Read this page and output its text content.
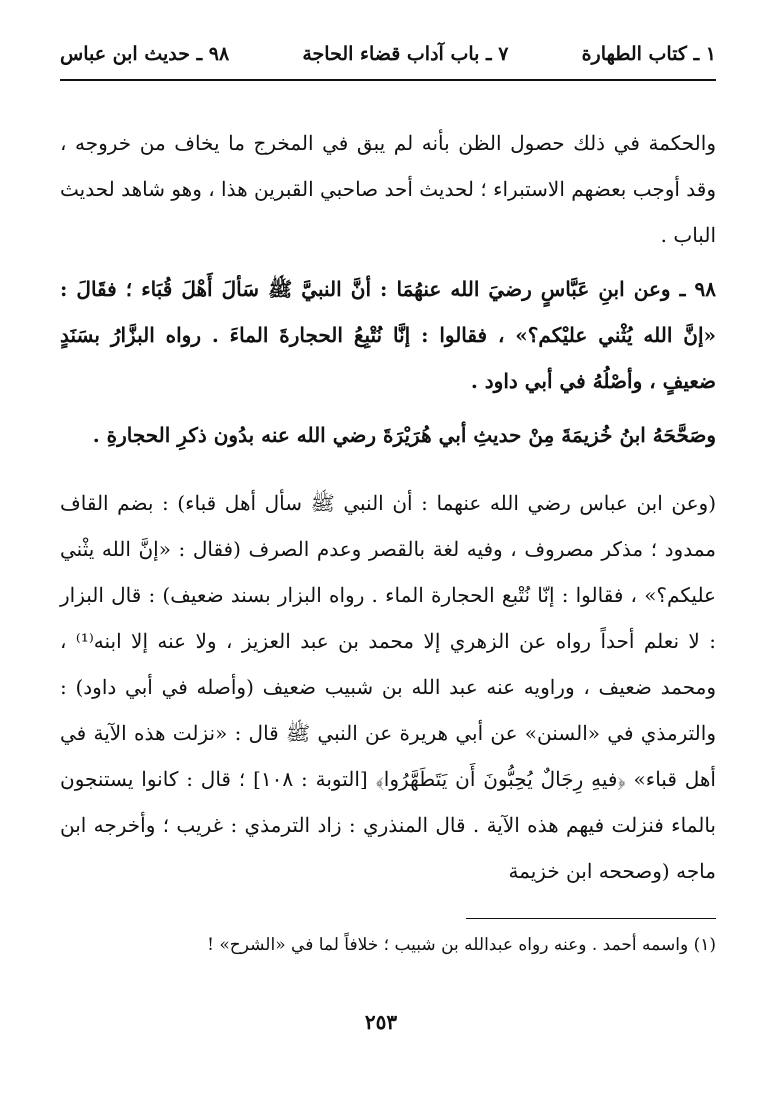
١ ـ كتاب الطهارة
٧ ـ باب آداب قضاء الحاجة
٩٨ ـ حديث ابن عباس

والحكمة في ذلك حصول الظن بأنه لم يبق في المخرج ما يخاف من خروجه ، وقد أوجب بعضهم الاستبراء ؛ لحديث أحد صاحبي القبرين هذا ، وهو شاهد لحديث الباب .

٩٨ ـ وعن ابنِ عَبَّاسٍ رضيَ الله عنهُمَا : أنَّ النبيَّ ﷺ سَألَ أَهْلَ قُبَاء ؛ فقَالَ : «إنَّ الله يُثْني عليْكم؟» ، فقالوا : إنَّا نُتْبِعُ الحجارةَ الماءَ . رواه البزَّارُ بسَنَدٍ ضعيفٍ ، وأصْلُهُ في أبي داود .

وصَحَّحَهُ ابنُ خُزيمَةَ مِنْ حديثِ أبي هُرَيْرَةَ رضي الله عنه بدُون ذكرِ الحجارةِ .

(وعن ابن عباس رضي الله عنهما : أن النبي ﷺ سأل أهل قباء) : بضم القاف ممدود ؛ مذكر مصروف ، وفيه لغة بالقصر وعدم الصرف (فقال : «إنَّ الله يثْني عليكم؟» ، فقالوا : إنّا نُتْبع الحجارة الماء . رواه البزار بسند ضعيف) : قال البزار : لا نعلم أحداً رواه عن الزهري إلا محمد بن عبد العزيز ، ولا عنه إلا ابنه⁽¹⁾ ، ومحمد ضعيف ، وراويه عنه عبد الله بن شبيب ضعيف (وأصله في أبي داود) : والترمذي في «السنن» عن أبي هريرة عن النبي ﷺ قال : «نزلت هذه الآية في أهل قباء» ﴿فيهِ رِجَالٌ يُحِبُّونَ أَن يَتَطَهَّرُوا﴾ [التوبة : ١٠٨] ؛ قال : كانوا يستنجون بالماء فنزلت فيهم هذه الآية . قال المنذري : زاد الترمذي : غريب ؛ وأخرجه ابن ماجه (وصححه ابن خزيمة

(١) واسمه أحمد . وعنه رواه عبدالله بن شبيب ؛ خلافاً لما في «الشرح» !
٢٥٣
